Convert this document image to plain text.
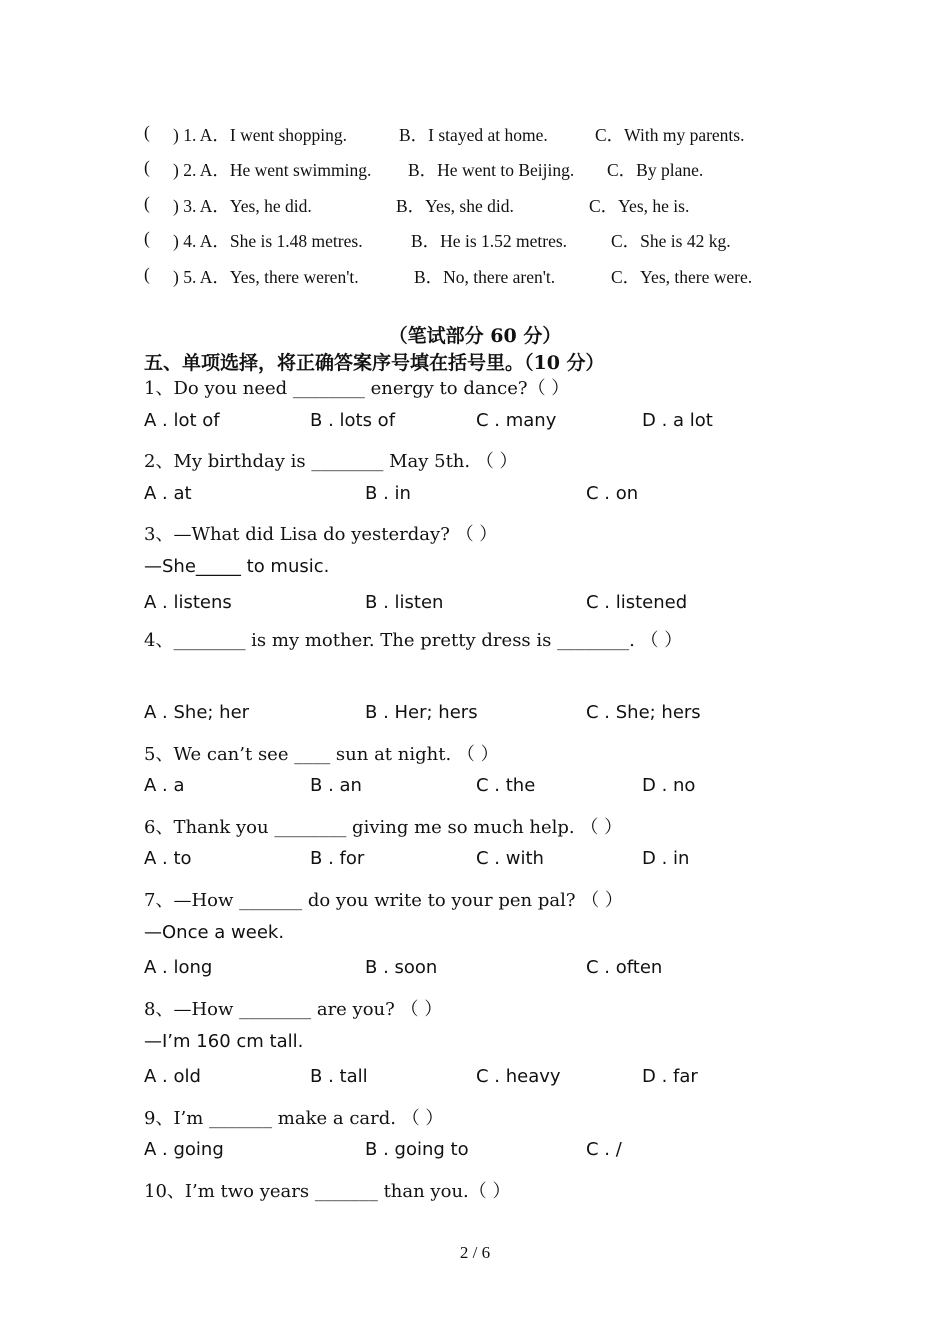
( ) 1. A．I went shopping.	B．I stayed at home.	C．With my parents.
( ) 2. A．He went swimming. B．He went to Beijing. C．By plane.
( ) 3. A．Yes, he did.	B．Yes, she did.	C．Yes, he is.
( ) 4. A．She is 1.48 metres.	B．He is 1.52 metres.	C．She is 42 kg.
( ) 5. A．Yes, there weren't.	B．No, there aren't.	C．Yes, there were.
（笔试部分 60 分）
五、单项选择，将正确答案序号填在括号里。（10 分）
1、Do you need ________ energy to dance?（ ）
A . lot of	B . lots of	C . many	D . a lot
2、My birthday is ________ May 5th. （ ）
A . at	B . in	C . on
3、—What did Lisa do yesterday? （ ）
—She_____ to music.
A . listens	B . listen	C . listened
4、________ is my mother. The pretty dress is ________. （ ）
A . She; her	B . Her; hers	C . She; hers
5、We can’t see ____ sun at night. （ ）
A . a	B . an	C . the	D . no
6、Thank you ________ giving me so much help. （ ）
A . to	B . for	C . with	D . in
7、—How _______ do you write to your pen pal? （ ）
—Once a week.
A . long	B . soon	C . often
8、—How ________ are you? （ ）
—I’m 160 cm tall.
A . old	B . tall	C . heavy	D . far
9、I’m _______ make a card. （ ）
A . going	B . going to	C . /
10、I’m two years _______ than you.（ ）
2 / 6
